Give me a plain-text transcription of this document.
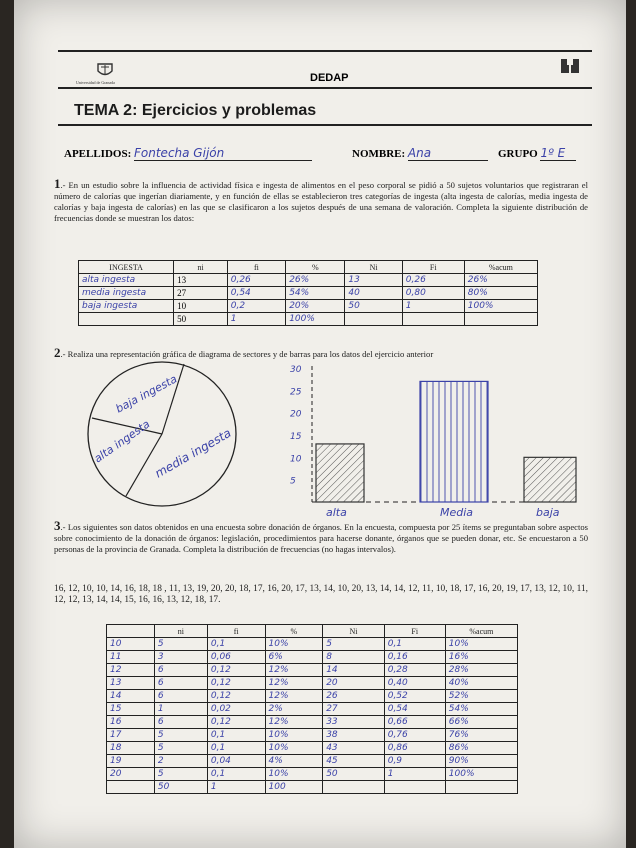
Universidad de Granada	DEDAP
TEMA 2: Ejercicios y problemas
APELLIDOS: Fontecha Gijón	NOMBRE: Ana	GRUPO 1º E
1.- En un estudio sobre la influencia de actividad física e ingesta de alimentos en el peso corporal se pidió a 50 sujetos voluntarios que registraran el número de calorías que ingerían diariamente, y en función de ellas se establecieron tres categorías de ingesta (alta ingesta de calorías, media ingesta de calorías y baja ingesta de calorías) en las que se clasificaron a los sujetos después de una semana de valoración. Completa la siguiente distribución de frecuencias donde se muestran los datos:
INGESTA	ni	fi	%	Ni	Fi	%acum
alta ingesta	13	0,26	26%	13	0,26	26%
media ingesta	27	0,54	54%	40	0,80	80%
baja ingesta	10	0,2	20%	50	1	100%
	50	1	100%			
2.- Realiza una representación gráfica de diagrama de sectores y de barras para los datos del ejercicio anterior
baja ingesta
alta ingesta media ingesta
alta	Media	baja
30
25
20
15
10
5
3.- Los siguientes son datos obtenidos en una encuesta sobre donación de órganos. En la encuesta, compuesta por 25 ítems se preguntaban sobre aspectos sobre conocimiento de la donación de órganos: legislación, procedimientos para hacerse donante, órganos que se pueden donar, etc. Se encuestaron a 50 personas de la provincia de Granada. Completa la distribución de frecuencias (no hagas intervalos).
16, 12, 10, 10, 14, 16, 18, 18 , 11, 13, 19, 20, 20, 18, 17, 16, 20, 17, 13, 14, 10, 20, 13, 14, 14, 12, 11, 10, 18, 17, 16, 20, 19, 17, 13, 12, 10, 11, 12, 12, 13, 14, 14, 15, 16, 16, 13, 12, 18, 17.
	ni	fi	%	Ni	Fi	%acum
10	5	0,1	10%	5	0,1	10%
11	3	0,06	6%	8	0,16	16%
12	6	0,12	12%	14	0,28	28%
13	6	0,12	12%	20	0,40	40%
14	6	0,12	12%	26	0,52	52%
15	1	0,02	2%	27	0,54	54%
16	6	0,12	12%	33	0,66	66%
17	5	0,1	10%	38	0,76	76%
18	5	0,1	10%	43	0,86	86%
19	2	0,04	4%	45	0,9	90%
20	5	0,1	10%	50	1	100%
	50	1	100			
